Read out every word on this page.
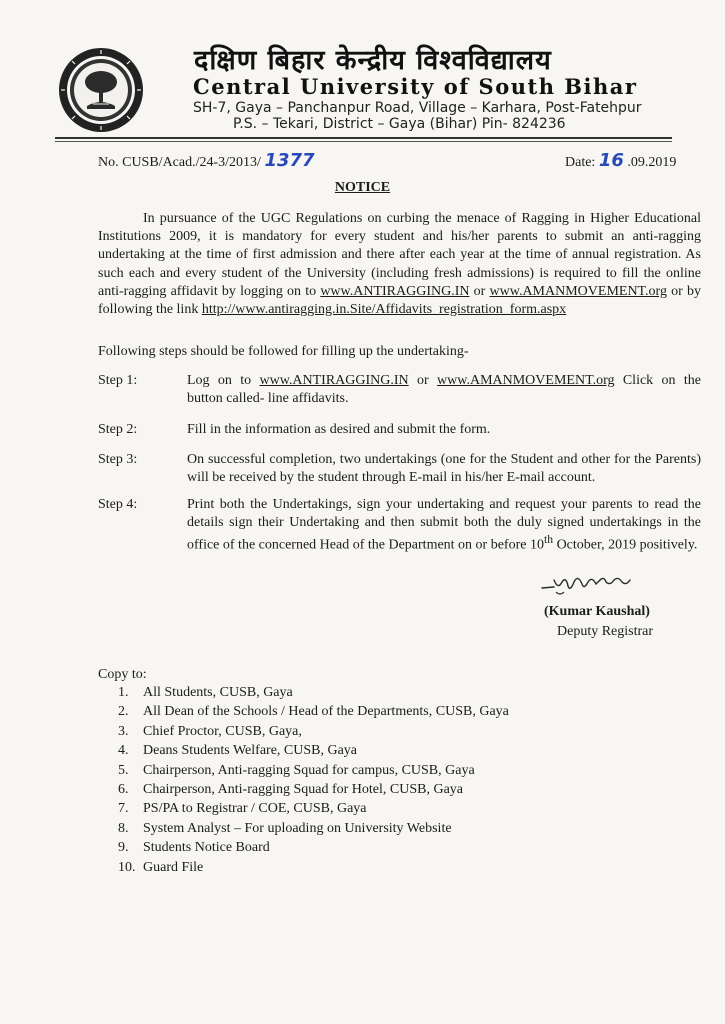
दक्षिण बिहार केन्द्रीय विश्वविद्यालय
Central University of South Bihar
SH-7, Gaya – Panchanpur Road, Village – Karhara, Post-Fatehpur
P.S. – Tekari, District – Gaya (Bihar) Pin- 824236
No. CUSB/Acad./24-3/2013/ 1377	Date: 16 .09.2019
NOTICE
In pursuance of the UGC Regulations on curbing the menace of Ragging in Higher Educational Institutions 2009, it is mandatory for every student and his/her parents to submit an anti-ragging undertaking at the time of first admission and there after each year at the time of annual registration. As such each and every student of the University (including fresh admissions) is required to fill the online anti-ragging affidavit by logging on to www.ANTIRAGGING.IN or www.AMANMOVEMENT.org or by following the link http://www.antiragging.in.Site/Affidavits_registration_form.aspx
Following steps should be followed for filling up the undertaking-
Step 1:	Log on to www.ANTIRAGGING.IN or www.AMANMOVEMENT.org Click on the button called- line affidavits.
Step 2:	Fill in the information as desired and submit the form.
Step 3:	On successful completion, two undertakings (one for the Student and other for the Parents) will be received by the student through E-mail in his/her E-mail account.
Step 4:	Print both the Undertakings, sign your undertaking and request your parents to read the details sign their Undertaking and then submit both the duly signed undertakings in the office of the concerned Head of the Department on or before 10th October, 2019 positively.
(Kumar Kaushal)
Deputy Registrar
Copy to:
1. All Students, CUSB, Gaya
2. All Dean of the Schools / Head of the Departments, CUSB, Gaya
3. Chief Proctor, CUSB, Gaya,
4. Deans Students Welfare, CUSB, Gaya
5. Chairperson, Anti-ragging Squad for campus, CUSB, Gaya
6. Chairperson, Anti-ragging Squad for Hotel, CUSB, Gaya
7. PS/PA to Registrar / COE, CUSB, Gaya
8. System Analyst – For uploading on University Website
9. Students Notice Board
10. Guard File
